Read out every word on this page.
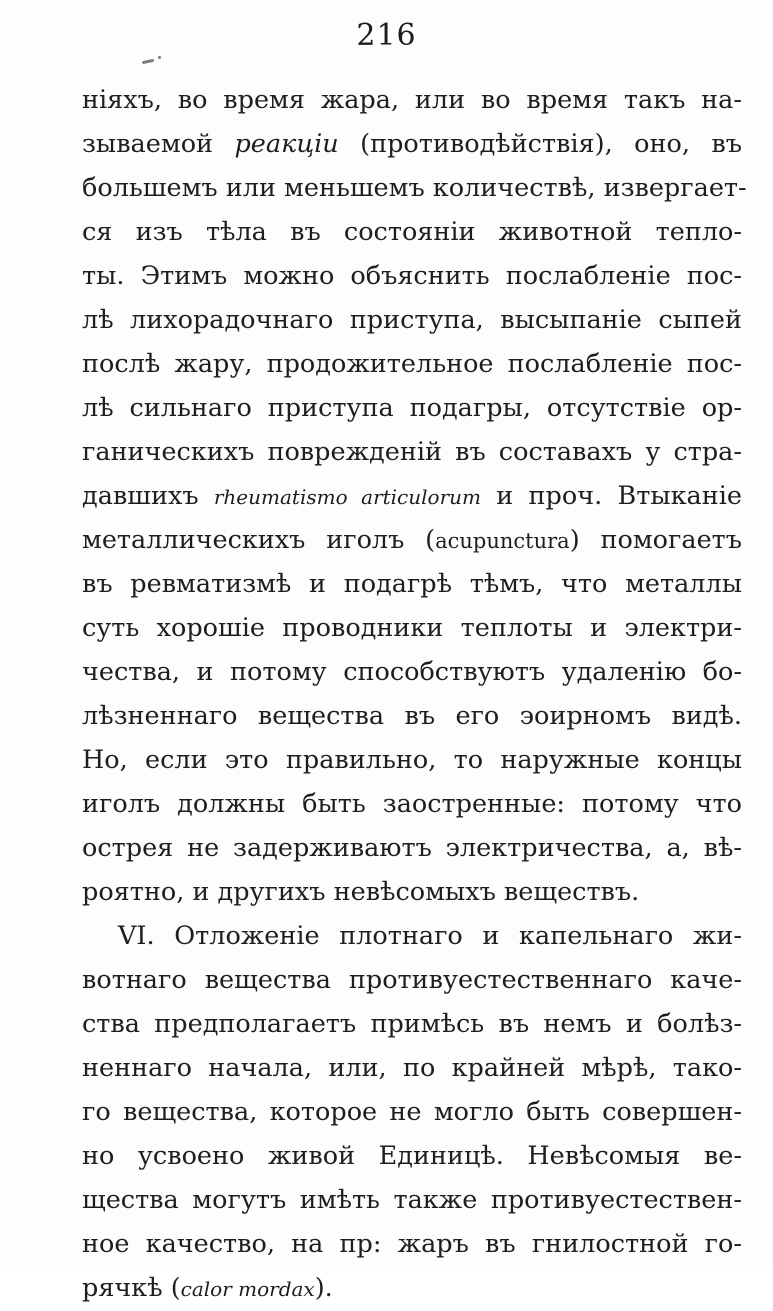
216
ніяхъ, во время жара, или во время такъ на-
зываемой реакціи (противодѣйствія), оно, въ
большемъ или меньшемъ количествѣ, извергает-
ся изъ тѣла въ состояніи животной тепло-
ты. Этимъ можно объяснить послабленіе пос-
лѣ лихорадочнаго приступа, высыпаніе сыпей
послѣ жару, продожительное послабленіе пос-
лѣ сильнаго приступа подагры, отсутствіе ор-
ганическихъ поврежденій въ составахъ у стра-
давшихъ rheumatismo articulorum и проч. Втыканіе
металлическихъ иголъ (acupunctura) помогаетъ
въ ревматизмѣ и подагрѣ тѣмъ, что металлы
суть хорошіе проводники теплоты и электри-
чества, и потому способствуютъ удаленію бо-
лѣзненнаго вещества въ его эоирномъ видѣ.
Но, если это правильно, то наружные концы
иголъ должны быть заостренные: потому что
острея не задерживаютъ электричества, а, вѣ-
роятно, и другихъ невѣсомыхъ веществъ.
VI. Отложеніе плотнаго и капельнаго жи-
вотнаго вещества противуестественнаго каче-
ства предполагаетъ примѣсь въ немъ и болѣз-
неннаго начала, или, по крайней мѣрѣ, тако-
го вещества, которое не могло быть совершен-
но усвоено живой Единицѣ. Невѣсомыя ве-
щества могутъ имѣть также противуестествен-
ное качество, на пр: жаръ въ гнилостной го-
рячкѣ (calor mordax).
